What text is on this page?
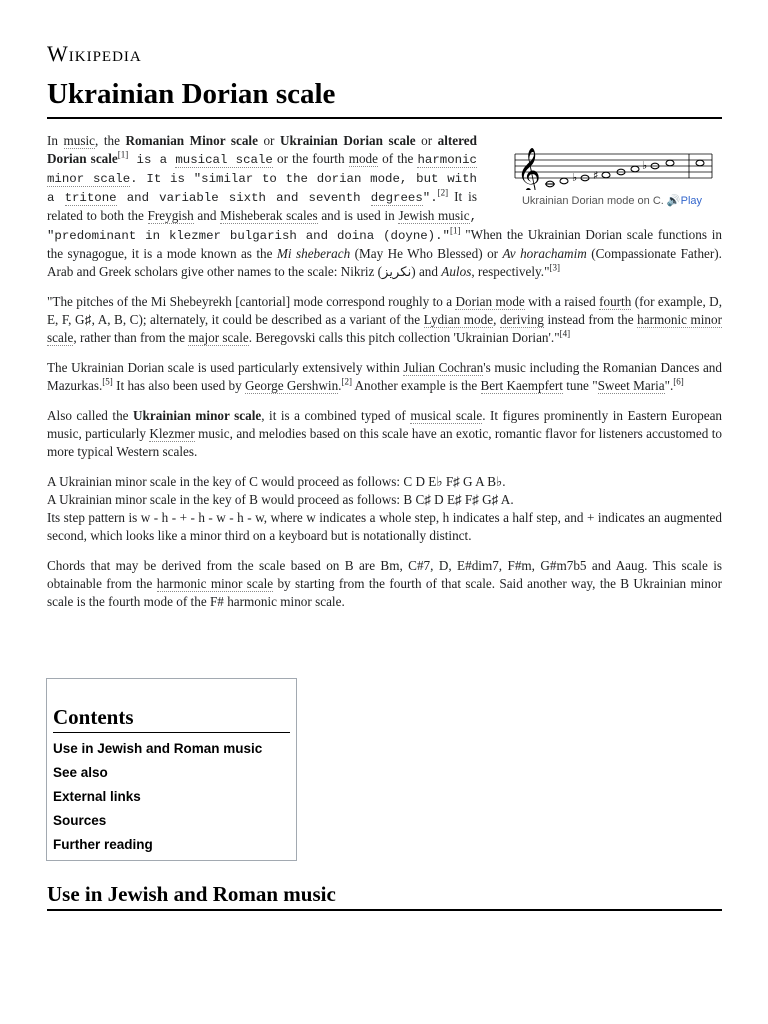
Wikipedia
Ukrainian Dorian scale
𝄞	♭ ♯
♭
Ukrainian Dorian mode on C. 🔊Play

In music, the Romanian Minor scale or Ukrainian Dorian scale or altered Dorian scale[1] is a musical scale or the fourth mode of the harmonic minor scale. It is "similar to the dorian mode, but with a tritone and variable sixth and seventh degrees".[2] It is related to both the Freygish and Misheberak scales and is used in Jewish music, "predominant in klezmer bulgarish and doina (doyne)."[1] "When the Ukrainian Dorian scale functions in the synagogue, it is a mode known as the Mi sheberach (May He Who Blessed) or Av horachamim (Compassionate Father). Arab and Greek scholars give other names to the scale: Nikriz (نكريز) and Aulos, respectively."[3]

"The pitches of the Mi Shebeyrekh [cantorial] mode correspond roughly to a Dorian mode with a raised fourth (for example, D, E, F, G♯, A, B, C); alternately, it could be described as a variant of the Lydian mode, deriving instead from the harmonic minor scale, rather than from the major scale. Beregovski calls this pitch collection 'Ukrainian Dorian'."[4]

The Ukrainian Dorian scale is used particularly extensively within Julian Cochran's music including the Romanian Dances and Mazurkas.[5] It has also been used by George Gershwin.[2] Another example is the Bert Kaempfert tune "Sweet Maria".[6]

Also called the Ukrainian minor scale, it is a combined typed of musical scale. It figures prominently in Eastern European music, particularly Klezmer music, and melodies based on this scale have an exotic, romantic flavor for listeners accustomed to more typical Western scales.

A Ukrainian minor scale in the key of C would proceed as follows: C D E♭ F♯ G A B♭.
A Ukrainian minor scale in the key of B would proceed as follows: B C♯ D E♯ F♯ G♯ A.

Its step pattern is w - h - + - h - w - h - w, where w indicates a whole step, h indicates a half step, and + indicates an augmented second, which looks like a minor third on a keyboard but is notationally distinct.

Chords that may be derived from the scale based on B are Bm, C#7, D, E#dim7, F#m, G#m7b5 and Aaug. This scale is obtainable from the harmonic minor scale by starting from the fourth of that scale. Said another way, the B Ukrainian minor scale is the fourth mode of the F# harmonic minor scale.

Contents
Use in Jewish and Roman music
See also
External links
Sources
Further reading
Use in Jewish and Roman music
